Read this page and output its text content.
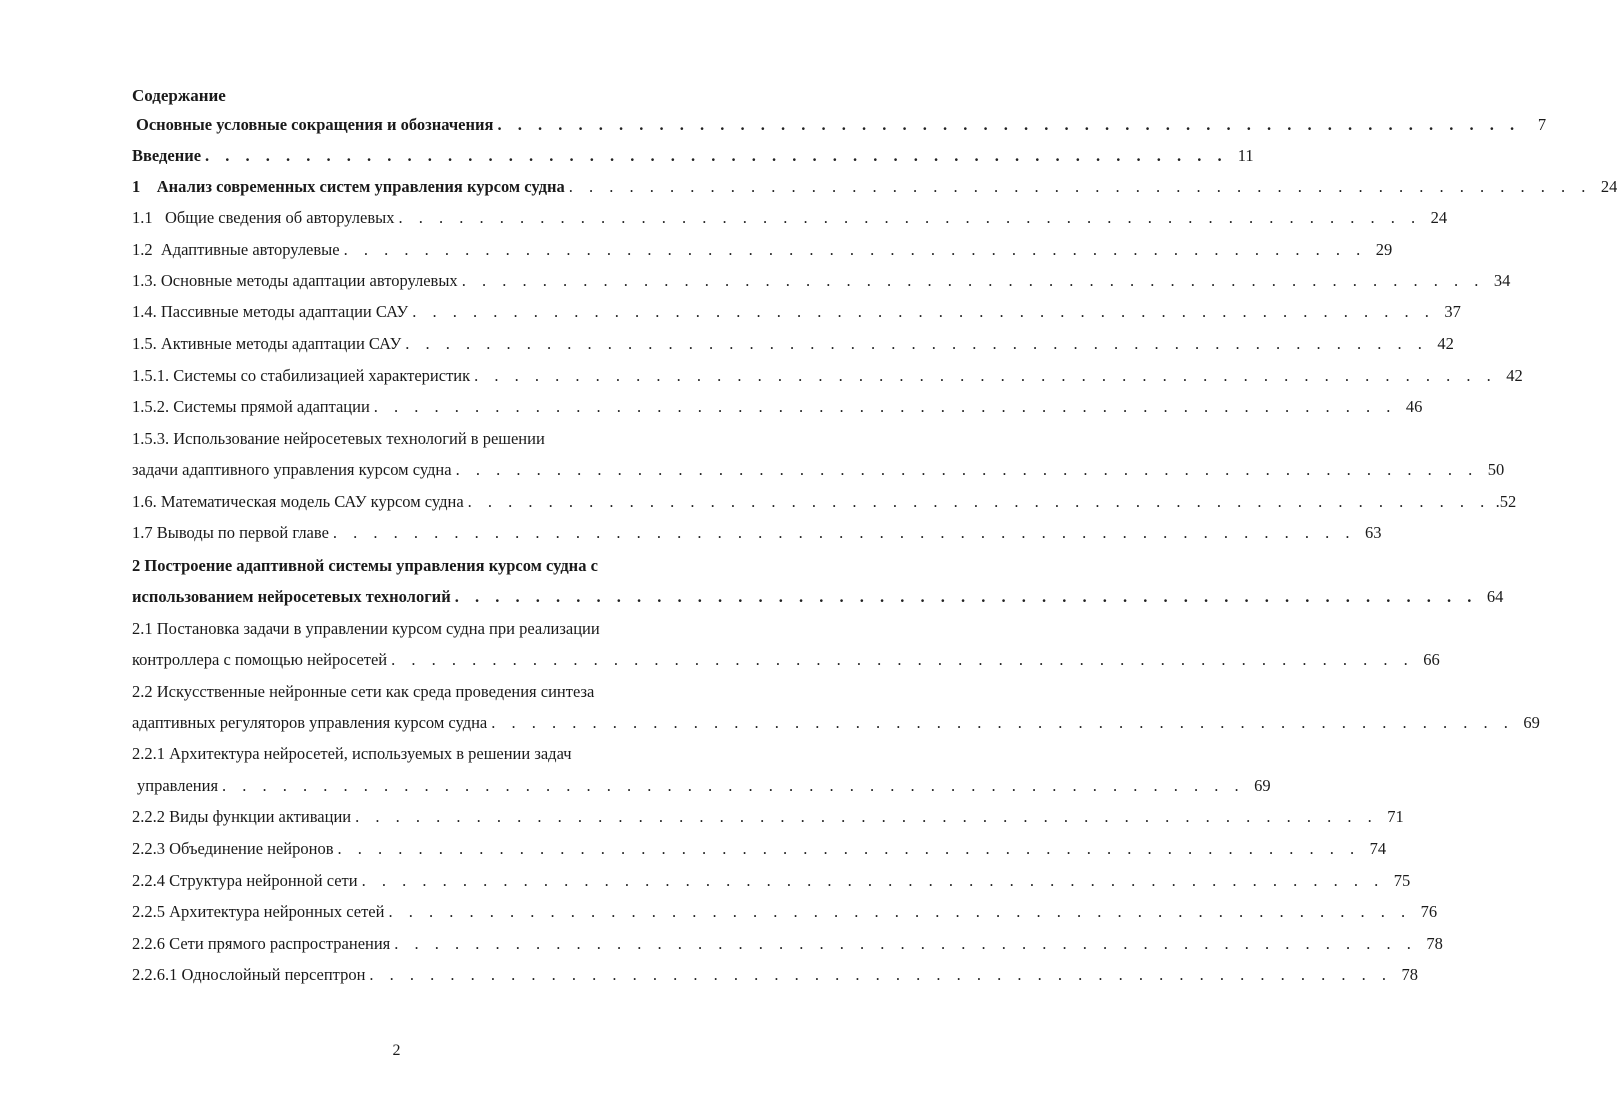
Содержание
Основные условные сокращения и обозначения . . . . . . . . . . . . . . . . . . . . . . . . . . . . . . . . . . . . . . . . . . . . . . . . . . .	7
Введение . . . . . . . . . . . . . . . . . . . . . . . . . . . . . . . . . . . . . . . . . . . . . . . . . . . 11
1    Анализ современных систем управления курсом судна . . . . . . . . . . . . . . . . . . . . . . . . . . . . . . . . . . . . . . . . . . . . . . . . . . . 24
1.1   Общие сведения об авторулевых . . . . . . . . . . . . . . . . . . . . . . . . . . . . . . . . . . . . . . . . . . . . . . . . . . . 24
1.2  Адаптивные авторулевые . . . . . . . . . . . . . . . . . . . . . . . . . . . . . . . . . . . . . . . . . . . . . . . . . . . 29
1.3. Основные методы адаптации авторулевых . . . . . . . . . . . . . . . . . . . . . . . . . . . . . . . . . . . . . . . . . . . . . . . . . . . 34
1.4. Пассивные методы адаптации САУ . . . . . . . . . . . . . . . . . . . . . . . . . . . . . . . . . . . . . . . . . . . . . . . . . . . 37
1.5. Активные методы адаптации САУ . . . . . . . . . . . . . . . . . . . . . . . . . . . . . . . . . . . . . . . . . . . . . . . . . . . 42
1.5.1. Системы со стабилизацией характеристик . . . . . . . . . . . . . . . . . . . . . . . . . . . . . . . . . . . . . . . . . . . . . . . . . . . 42
1.5.2. Системы прямой адаптации . . . . . . . . . . . . . . . . . . . . . . . . . . . . . . . . . . . . . . . . . . . . . . . . . . . 46
1.5.3. Использование нейросетевых технологий в решении
задачи адаптивного управления курсом судна . . . . . . . . . . . . . . . . . . . . . . . . . . . . . . . . . . . . . . . . . . . . . . . . . . . 50
1.6. Математическая модель САУ курсом судна . . . . . . . . . . . . . . . . . . . . . . . . . . . . . . . . . . . . . . . . . . . . . . . . . . . .52
1.7 Выводы по первой главе . . . . . . . . . . . . . . . . . . . . . . . . . . . . . . . . . . . . . . . . . . . . . . . . . . . 63
2 Построение адаптивной системы управления курсом судна с
использованием нейросетевых технологий . . . . . . . . . . . . . . . . . . . . . . . . . . . . . . . . . . . . . . . . . . . . . . . . . . . 64
2.1 Постановка задачи в управлении курсом судна при реализации
контроллера с помощью нейросетей . . . . . . . . . . . . . . . . . . . . . . . . . . . . . . . . . . . . . . . . . . . . . . . . . . . 66
2.2 Искусственные нейронные сети как среда проведения синтеза
адаптивных регуляторов управления курсом судна . . . . . . . . . . . . . . . . . . . . . . . . . . . . . . . . . . . . . . . . . . . . . . . . . . . 69
2.2.1 Архитектура нейросетей, используемых в решении задач
управления . . . . . . . . . . . . . . . . . . . . . . . . . . . . . . . . . . . . . . . . . . . . . . . . . . . 69
2.2.2 Виды функции активации . . . . . . . . . . . . . . . . . . . . . . . . . . . . . . . . . . . . . . . . . . . . . . . . . . . 71
2.2.3 Объединение нейронов . . . . . . . . . . . . . . . . . . . . . . . . . . . . . . . . . . . . . . . . . . . . . . . . . . . 74
2.2.4 Структура нейронной сети . . . . . . . . . . . . . . . . . . . . . . . . . . . . . . . . . . . . . . . . . . . . . . . . . . . 75
2.2.5 Архитектура нейронных сетей . . . . . . . . . . . . . . . . . . . . . . . . . . . . . . . . . . . . . . . . . . . . . . . . . . . 76
2.2.6 Сети прямого распространения . . . . . . . . . . . . . . . . . . . . . . . . . . . . . . . . . . . . . . . . . . . . . . . . . . . 78
2.2.6.1 Однослойный персептрон . . . . . . . . . . . . . . . . . . . . . . . . . . . . . . . . . . . . . . . . . . . . . . . . . . . 78
2
